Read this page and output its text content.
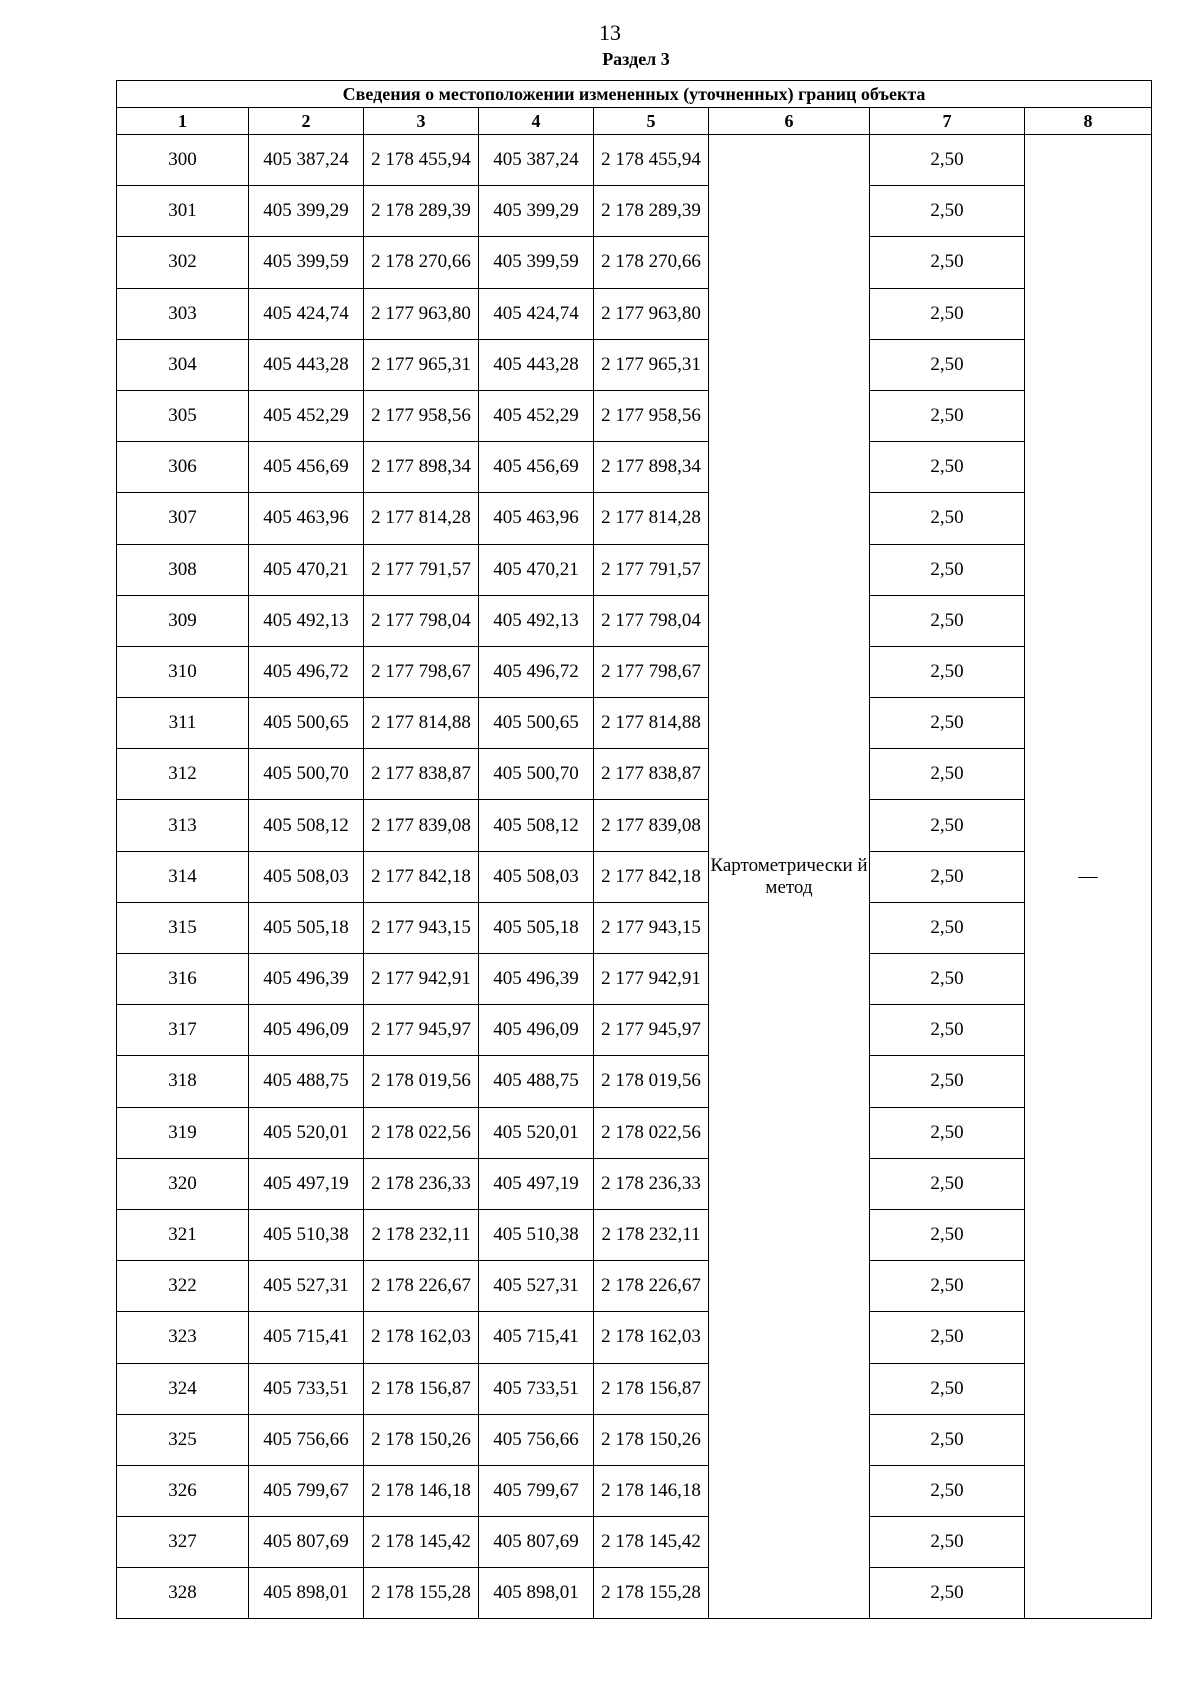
13
Раздел 3
Сведения о местоположении измененных (уточненных) границ объекта							
1	2	3	4	5	6	7	8
300	405 387,24	2 178 455,94	405 387,24	2 178 455,94	Картометрически й метод	2,50	—
301	405 399,29	2 178 289,39	405 399,29	2 178 289,39		2,50	
302	405 399,59	2 178 270,66	405 399,59	2 178 270,66		2,50	
303	405 424,74	2 177 963,80	405 424,74	2 177 963,80		2,50	
304	405 443,28	2 177 965,31	405 443,28	2 177 965,31		2,50	
305	405 452,29	2 177 958,56	405 452,29	2 177 958,56		2,50	
306	405 456,69	2 177 898,34	405 456,69	2 177 898,34		2,50	
307	405 463,96	2 177 814,28	405 463,96	2 177 814,28		2,50	
308	405 470,21	2 177 791,57	405 470,21	2 177 791,57		2,50	
309	405 492,13	2 177 798,04	405 492,13	2 177 798,04		2,50	
310	405 496,72	2 177 798,67	405 496,72	2 177 798,67		2,50	
311	405 500,65	2 177 814,88	405 500,65	2 177 814,88		2,50	
312	405 500,70	2 177 838,87	405 500,70	2 177 838,87		2,50	
313	405 508,12	2 177 839,08	405 508,12	2 177 839,08		2,50	
314	405 508,03	2 177 842,18	405 508,03	2 177 842,18		2,50	
315	405 505,18	2 177 943,15	405 505,18	2 177 943,15		2,50	
316	405 496,39	2 177 942,91	405 496,39	2 177 942,91		2,50	
317	405 496,09	2 177 945,97	405 496,09	2 177 945,97		2,50	
318	405 488,75	2 178 019,56	405 488,75	2 178 019,56		2,50	
319	405 520,01	2 178 022,56	405 520,01	2 178 022,56		2,50	
320	405 497,19	2 178 236,33	405 497,19	2 178 236,33		2,50	
321	405 510,38	2 178 232,11	405 510,38	2 178 232,11		2,50	
322	405 527,31	2 178 226,67	405 527,31	2 178 226,67		2,50	
323	405 715,41	2 178 162,03	405 715,41	2 178 162,03		2,50	
324	405 733,51	2 178 156,87	405 733,51	2 178 156,87		2,50	
325	405 756,66	2 178 150,26	405 756,66	2 178 150,26		2,50	
326	405 799,67	2 178 146,18	405 799,67	2 178 146,18		2,50	
327	405 807,69	2 178 145,42	405 807,69	2 178 145,42		2,50	
328	405 898,01	2 178 155,28	405 898,01	2 178 155,28		2,50	
